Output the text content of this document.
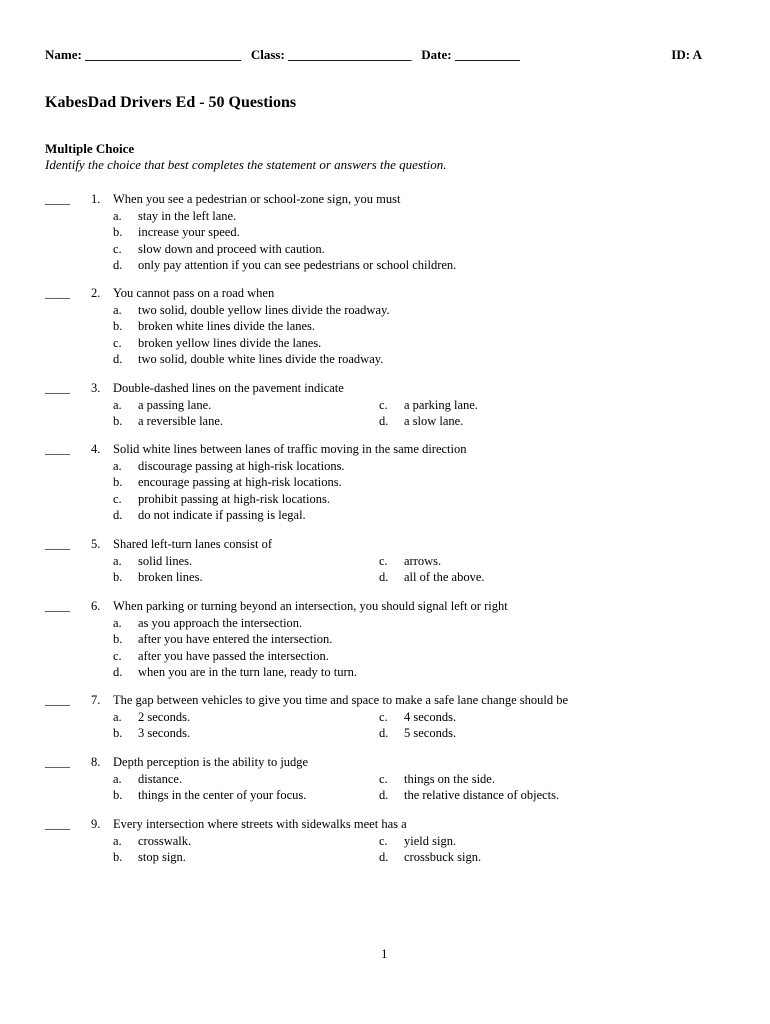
Name: ________________________ Class: ___________________ Date: __________	ID: A
KabesDad Drivers Ed - 50 Questions
Multiple Choice
Identify the choice that best completes the statement or answers the question.
____ 1. When you see a pedestrian or school-zone sign, you must
a. stay in the left lane.
b. increase your speed.
c. slow down and proceed with caution.
d. only pay attention if you can see pedestrians or school children.
____ 2. You cannot pass on a road when
a. two solid, double yellow lines divide the roadway.
b. broken white lines divide the lanes.
c. broken yellow lines divide the lanes.
d. two solid, double white lines divide the roadway.
____ 3. Double-dashed lines on the pavement indicate
a. a passing lane.
b. a reversible lane.
c. a parking lane.
d. a slow lane.
____ 4. Solid white lines between lanes of traffic moving in the same direction
a. discourage passing at high-risk locations.
b. encourage passing at high-risk locations.
c. prohibit passing at high-risk locations.
d. do not indicate if passing is legal.
____ 5. Shared left-turn lanes consist of
a. solid lines.
b. broken lines.
c. arrows.
d. all of the above.
____ 6. When parking or turning beyond an intersection, you should signal left or right
a. as you approach the intersection.
b. after you have entered the intersection.
c. after you have passed the intersection.
d. when you are in the turn lane, ready to turn.
____ 7. The gap between vehicles to give you time and space to make a safe lane change should be
a. 2 seconds.
b. 3 seconds.
c. 4 seconds.
d. 5 seconds.
____ 8. Depth perception is the ability to judge
a. distance.
b. things in the center of your focus.
c. things on the side.
d. the relative distance of objects.
____ 9. Every intersection where streets with sidewalks meet has a
a. crosswalk.
b. stop sign.
c. yield sign.
d. crossbuck sign.
1
